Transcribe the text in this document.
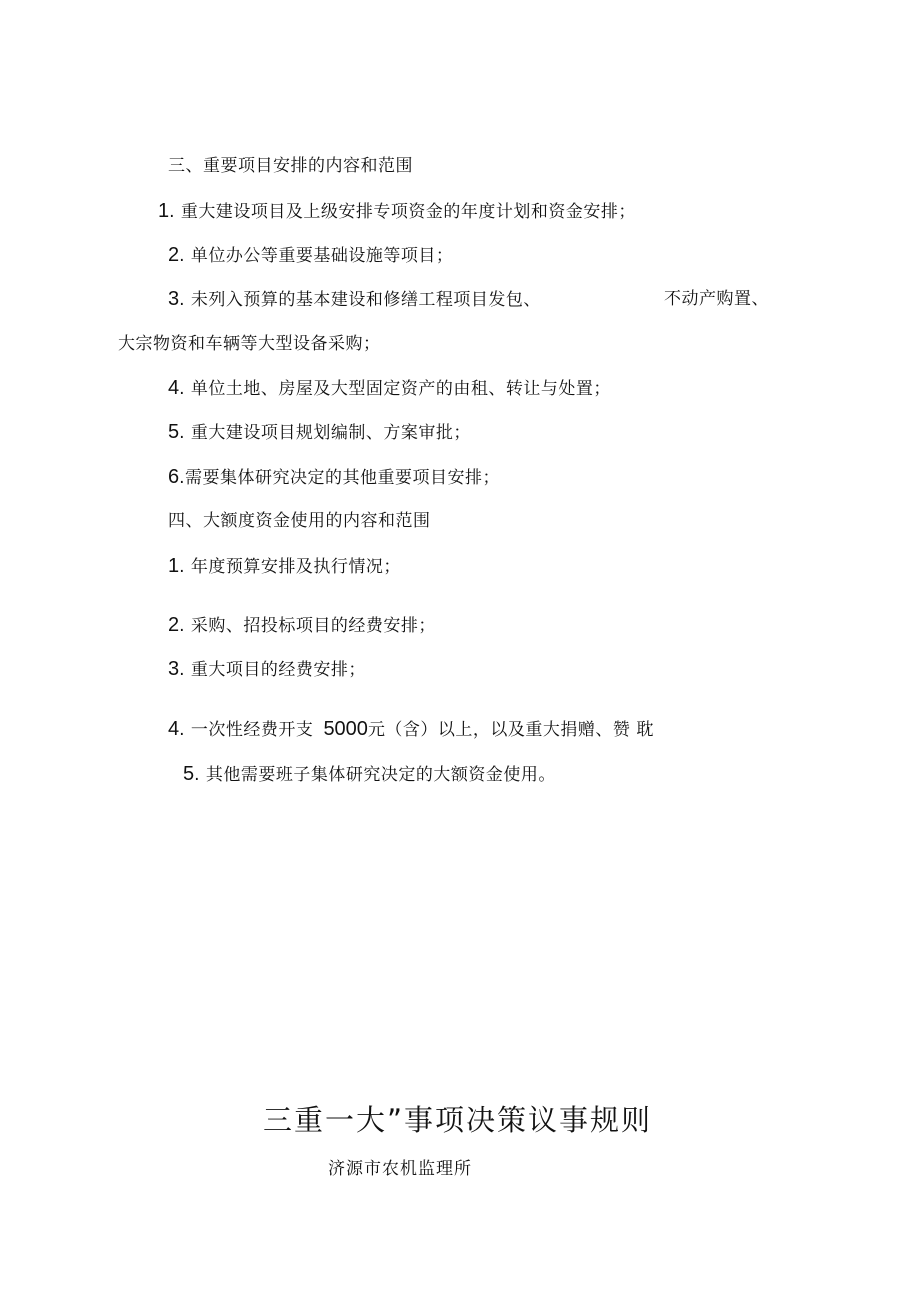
三、重要项目安排的内容和范围
1. 重大建设项目及上级安排专项资金的年度计划和资金安排；
2. 单位办公等重要基础设施等项目；
3. 未列入预算的基本建设和修缮工程项目发包、	不动产购置、
大宗物资和车辆等大型设备采购；
4. 单位土地、房屋及大型固定资产的由租、转让与处置；
5. 重大建设项目规划编制、方案审批；
6.需要集体研究决定的其他重要项目安排；
四、大额度资金使用的内容和范围
1. 年度预算安排及执行情况；
2. 采购、招投标项目的经费安排；
3. 重大项目的经费安排；
4. 一次性经费开支 5000元（含）以上，以及重大捐赠、赞 耽
5. 其他需要班子集体研究决定的大额资金使用。
三重一大”事项决策议事规则
济源市农机监理所
